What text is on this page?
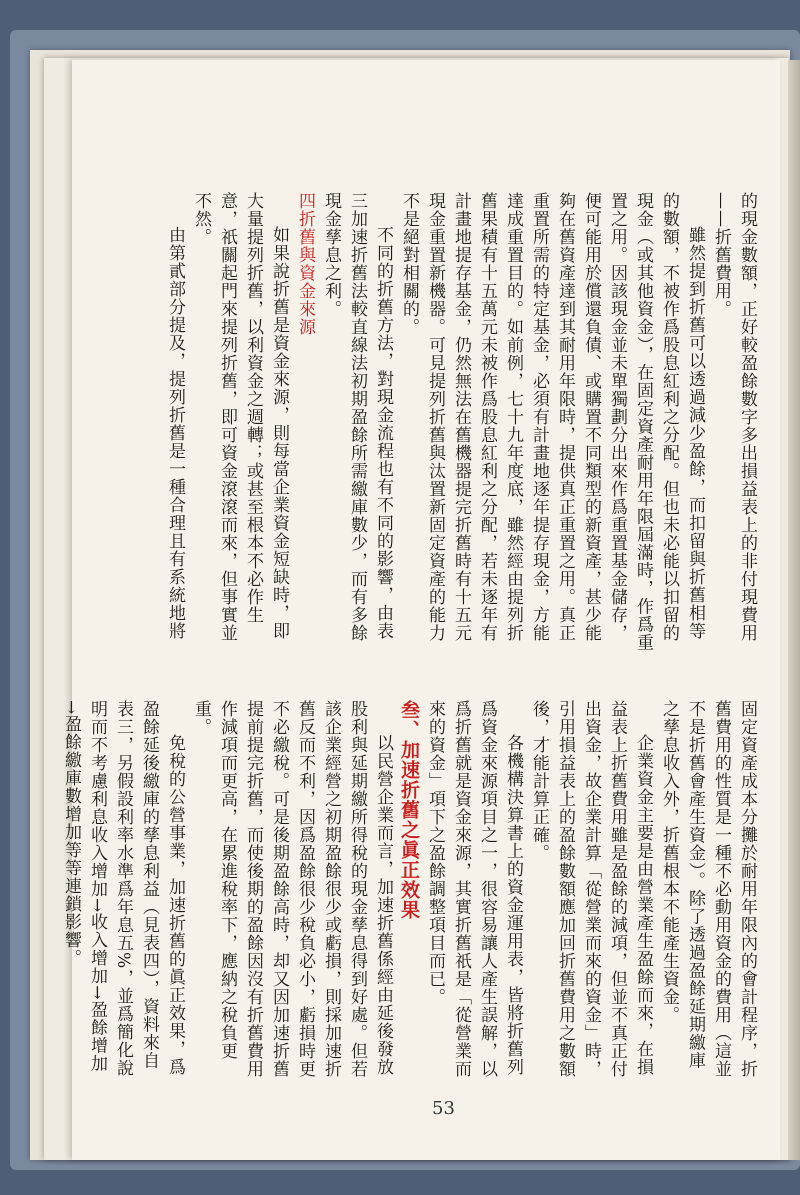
的現金數額，正好較盈餘數字多出損益表上的非付現費用——折舊費用。

雖然提到折舊可以透過減少盈餘，而扣留與折舊相等的數額，不被作爲股息紅利之分配。但也未必能以扣留的現金（或其他資金），在固定資產耐用年限屆滿時，作爲重置之用。因該現金並未單獨劃分出來作爲重置基金儲存，便可能用於償還負債、或購置不同類型的新資產，甚少能夠在舊資產達到其耐用年限時，提供真正重置之用。真正重置所需的特定基金，必須有計畫地逐年提存現金，方能達成重置目的。如前例，七十九年度底，雖然經由提列折舊果積有十五萬元未被作爲股息紅利之分配，若未逐年有計畫地提存基金，仍然無法在舊機器提完折舊時有十五元現金重置新機器。可見提列折舊與汰置新固定資產的能力不是絕對相關的。

不同的折舊方法，對現金流程也有不同的影響，由表三加速折舊法較直線法初期盈餘所需繳庫數少，而有多餘現金孳息之利。

四折舊與資金來源

如果說折舊是資金來源，則每當企業資金短缺時，即大量提列折舊，以利資金之週轉；或甚至根本不必作生意，祇關起門來提列折舊，即可資金滾滾而來，但事實並不然。

由第貳部分提及，提列折舊是一種合理且有系統地將

固定資產成本分攤於耐用年限內的會計程序，折舊費用的性質是一種不必動用資金的費用（這並不是折舊會產生資金）。除了透過盈餘延期繳庫之孳息收入外，折舊根本不能產生資金。

企業資金主要是由營業產生盈餘而來，在損益表上折舊費用雖是盈餘的減項，但並不真正付出資金，故企業計算「從營業而來的資金」時，引用損益表上的盈餘數額應加回折舊費用之數額後，才能計算正確。

各機構決算書上的資金運用表，皆將折舊列爲資金來源項目之一，很容易讓人產生誤解，以爲折舊就是資金來源，其實折舊祇是「從營業而來的資金」項下之盈餘調整項目而已。

叁、加速折舊之眞正效果

以民營企業而言，加速折舊係經由延後發放股利與延期繳所得稅的現金孳息得到好處。但若該企業經營之初期盈餘很少或虧損，則採加速折舊反而不利，因爲盈餘很少稅負必小，虧損時更不必繳稅。可是後期盈餘高時，却又因加速折舊提前提完折舊，而使後期的盈餘因沒有折舊費用作減項而更高，在累進稅率下，應納之稅負更重。

免稅的公營事業，加速折舊的眞正效果，爲盈餘延後繳庫的孳息利益（見表四），資料來自表三，另假設利率水準爲年息五%，並爲簡化說明而不考慮利息收入增加→收入增加→盈餘增加→盈餘繳庫數增加等等連鎖影響。

53
